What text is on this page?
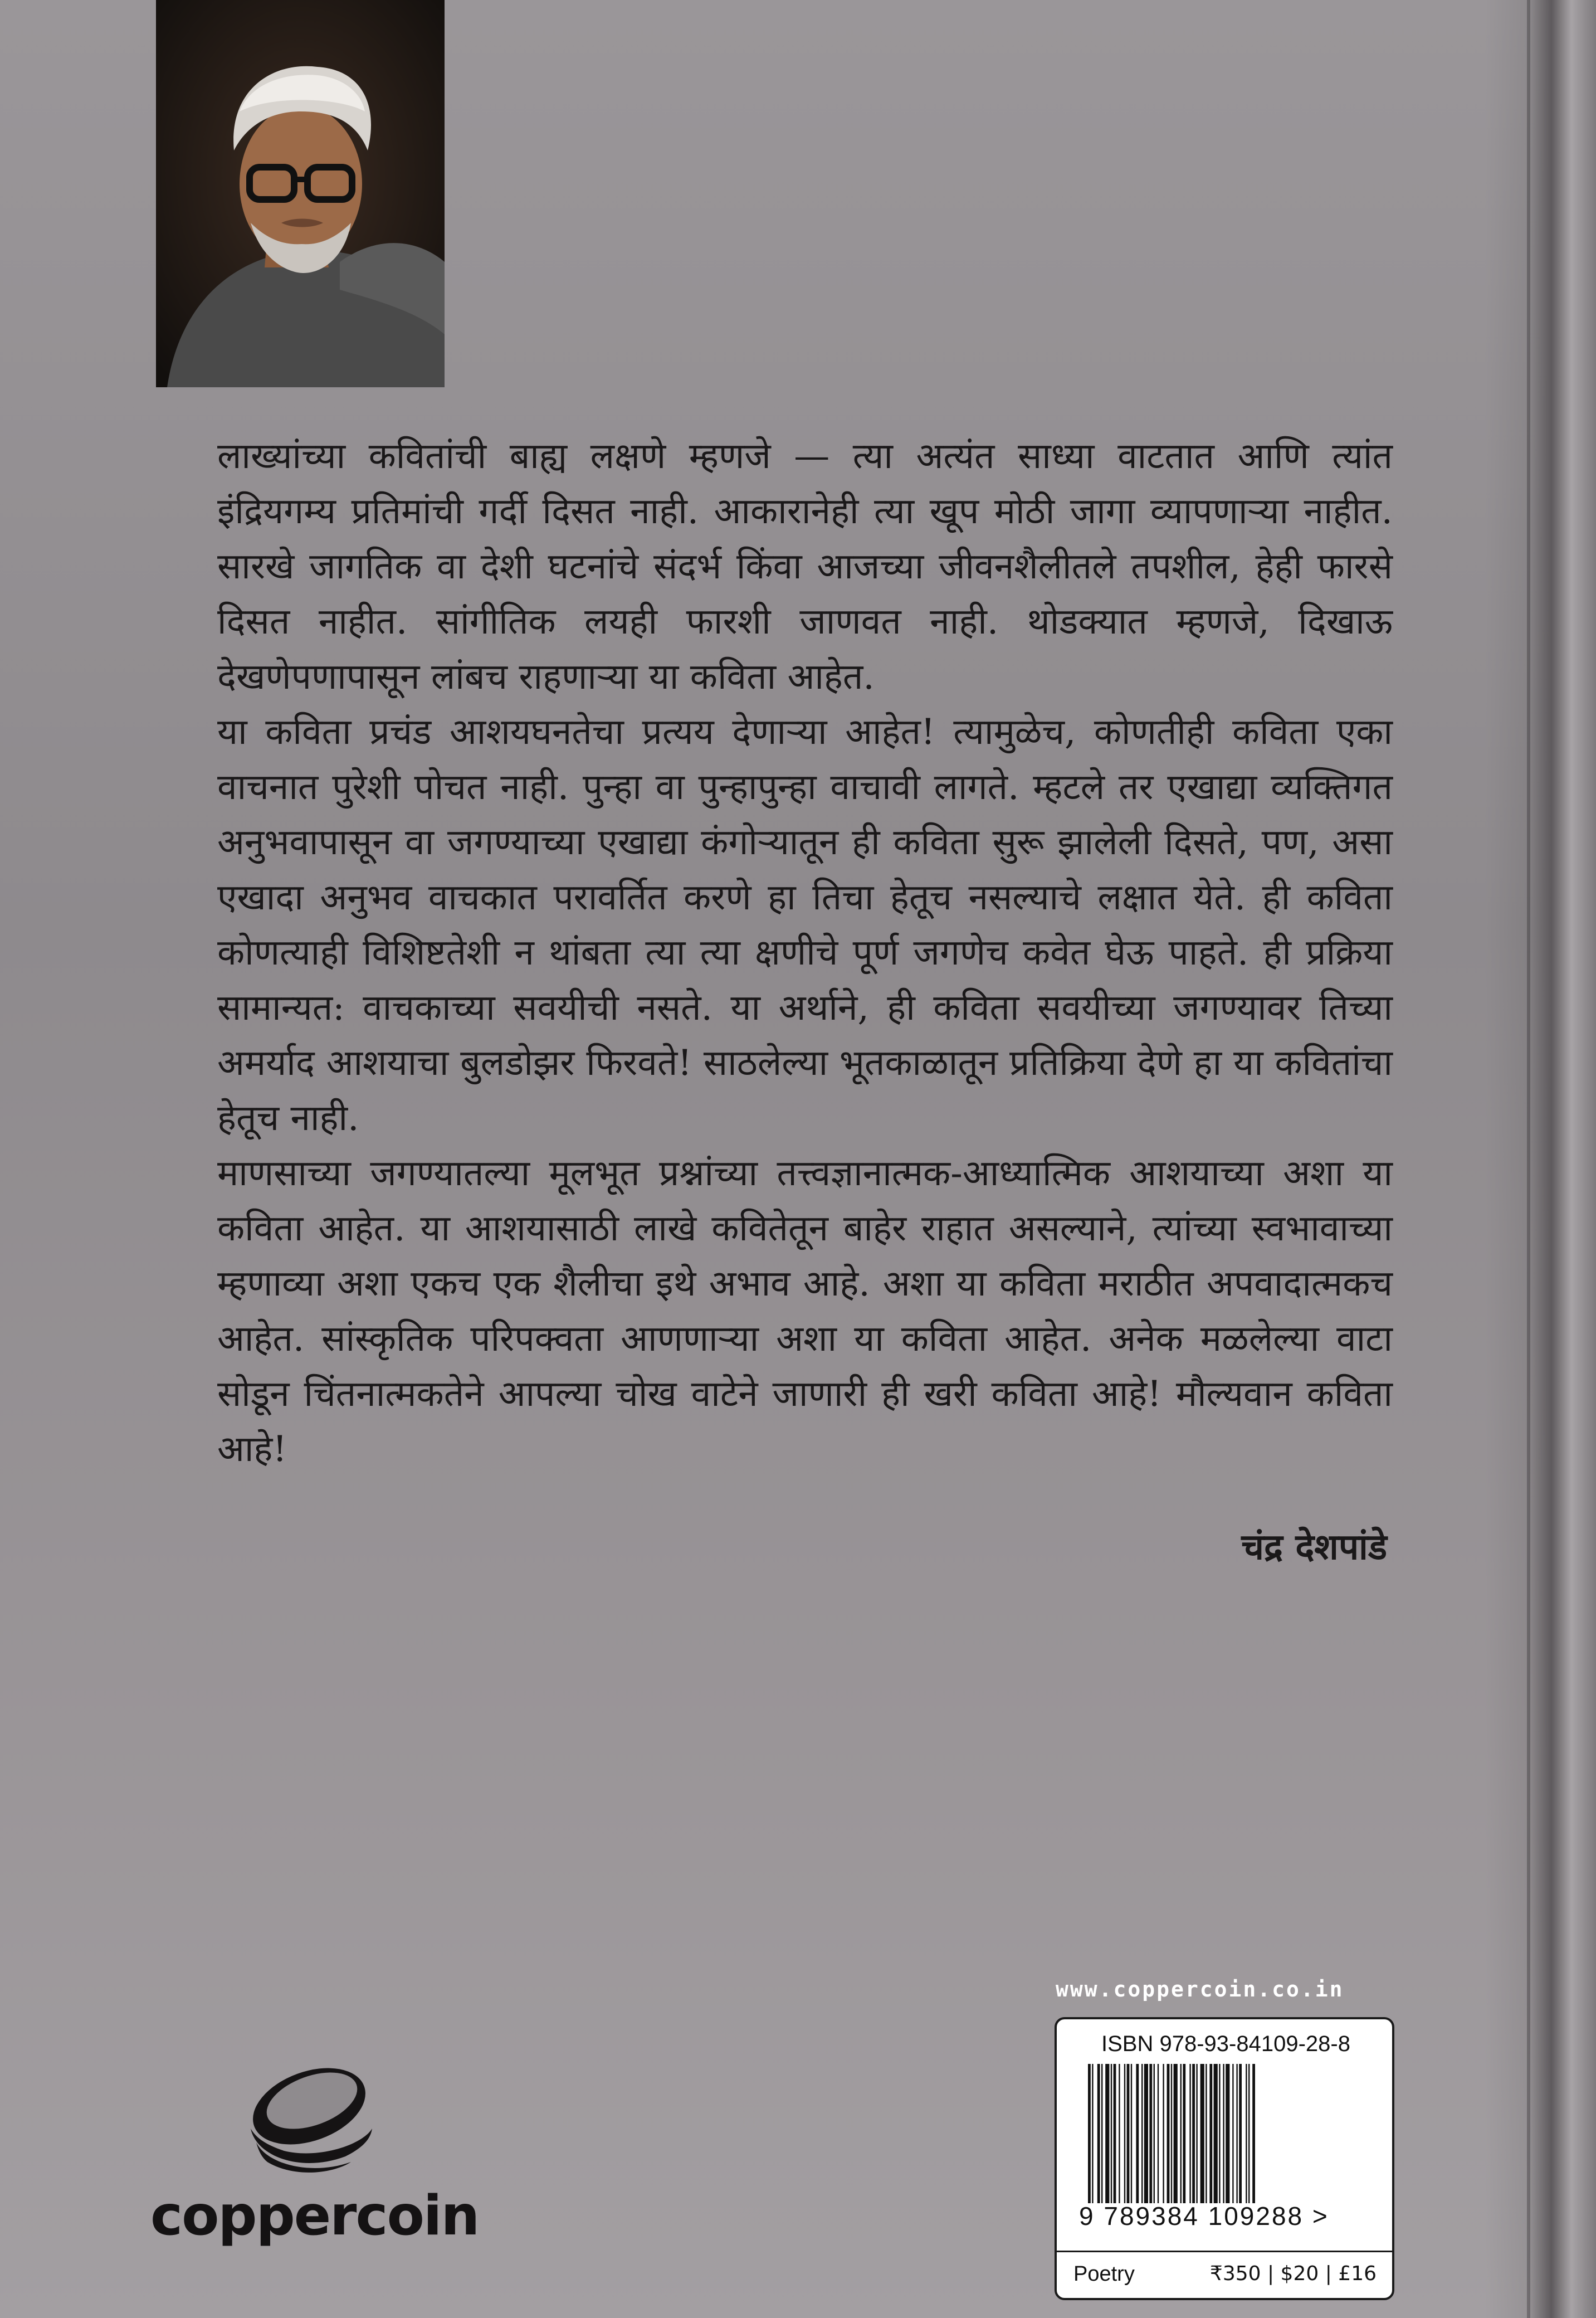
लाख्यांच्या कवितांची बाह्य लक्षणे म्हणजे — त्या अत्यंत साध्या वाटतात आणि त्यांत इंद्रियगम्य प्रतिमांची गर्दी दिसत नाही. आकारानेही त्या खूप मोठी जागा व्यापणाऱ्या नाहीत. सारखे जागतिक वा देशी घटनांचे संदर्भ किंवा आजच्या जीवनशैलीतले तपशील, हेही फारसे दिसत नाहीत. सांगीतिक लयही फारशी जाणवत नाही. थोडक्यात म्हणजे, दिखाऊ देखणेपणापासून लांबच राहणाऱ्या या कविता आहेत.

या कविता प्रचंड आशयघनतेचा प्रत्यय देणाऱ्या आहेत! त्यामुळेच, कोणतीही कविता एका वाचनात पुरेशी पोचत नाही. पुन्हा वा पुन्हापुन्हा वाचावी लागते. म्हटले तर एखाद्या व्यक्तिगत अनुभवापासून वा जगण्याच्या एखाद्या कंगोऱ्यातून ही कविता सुरू झालेली दिसते, पण, असा एखादा अनुभव वाचकात परावर्तित करणे हा तिचा हेतूच नसल्याचे लक्षात येते. ही कविता कोणत्याही विशिष्टतेशी न थांबता त्या त्या क्षणीचे पूर्ण जगणेच कवेत घेऊ पाहते. ही प्रक्रिया सामान्यत: वाचकाच्या सवयीची नसते. या अर्थाने, ही कविता सवयीच्या जगण्यावर तिच्या अमर्याद आशयाचा बुलडोझर फिरवते! साठलेल्या भूतकाळातून प्रतिक्रिया देणे हा या कवितांचा हेतूच नाही.

माणसाच्या जगण्यातल्या मूलभूत प्रश्नांच्या तत्त्वज्ञानात्मक-आध्यात्मिक आशयाच्या अशा या कविता आहेत. या आशयासाठी लाखे कवितेतून बाहेर राहात असल्याने, त्यांच्या स्वभावाच्या म्हणाव्या अशा एकच एक शैलीचा इथे अभाव आहे. अशा या कविता मराठीत अपवादात्मकच आहेत. सांस्कृतिक परिपक्वता आणणाऱ्या अशा या कविता आहेत. अनेक मळलेल्या वाटा सोडून चिंतनात्मकतेने आपल्या चोख वाटेने जाणारी ही खरी कविता आहे! मौल्यवान कविता आहे!

चंद्र देशपांडे
coppercoin
www.coppercoin.co.in
ISBN 978-93-84109-28-8
9 789384 109288 >
Poetry	₹350 | $20 | £16
